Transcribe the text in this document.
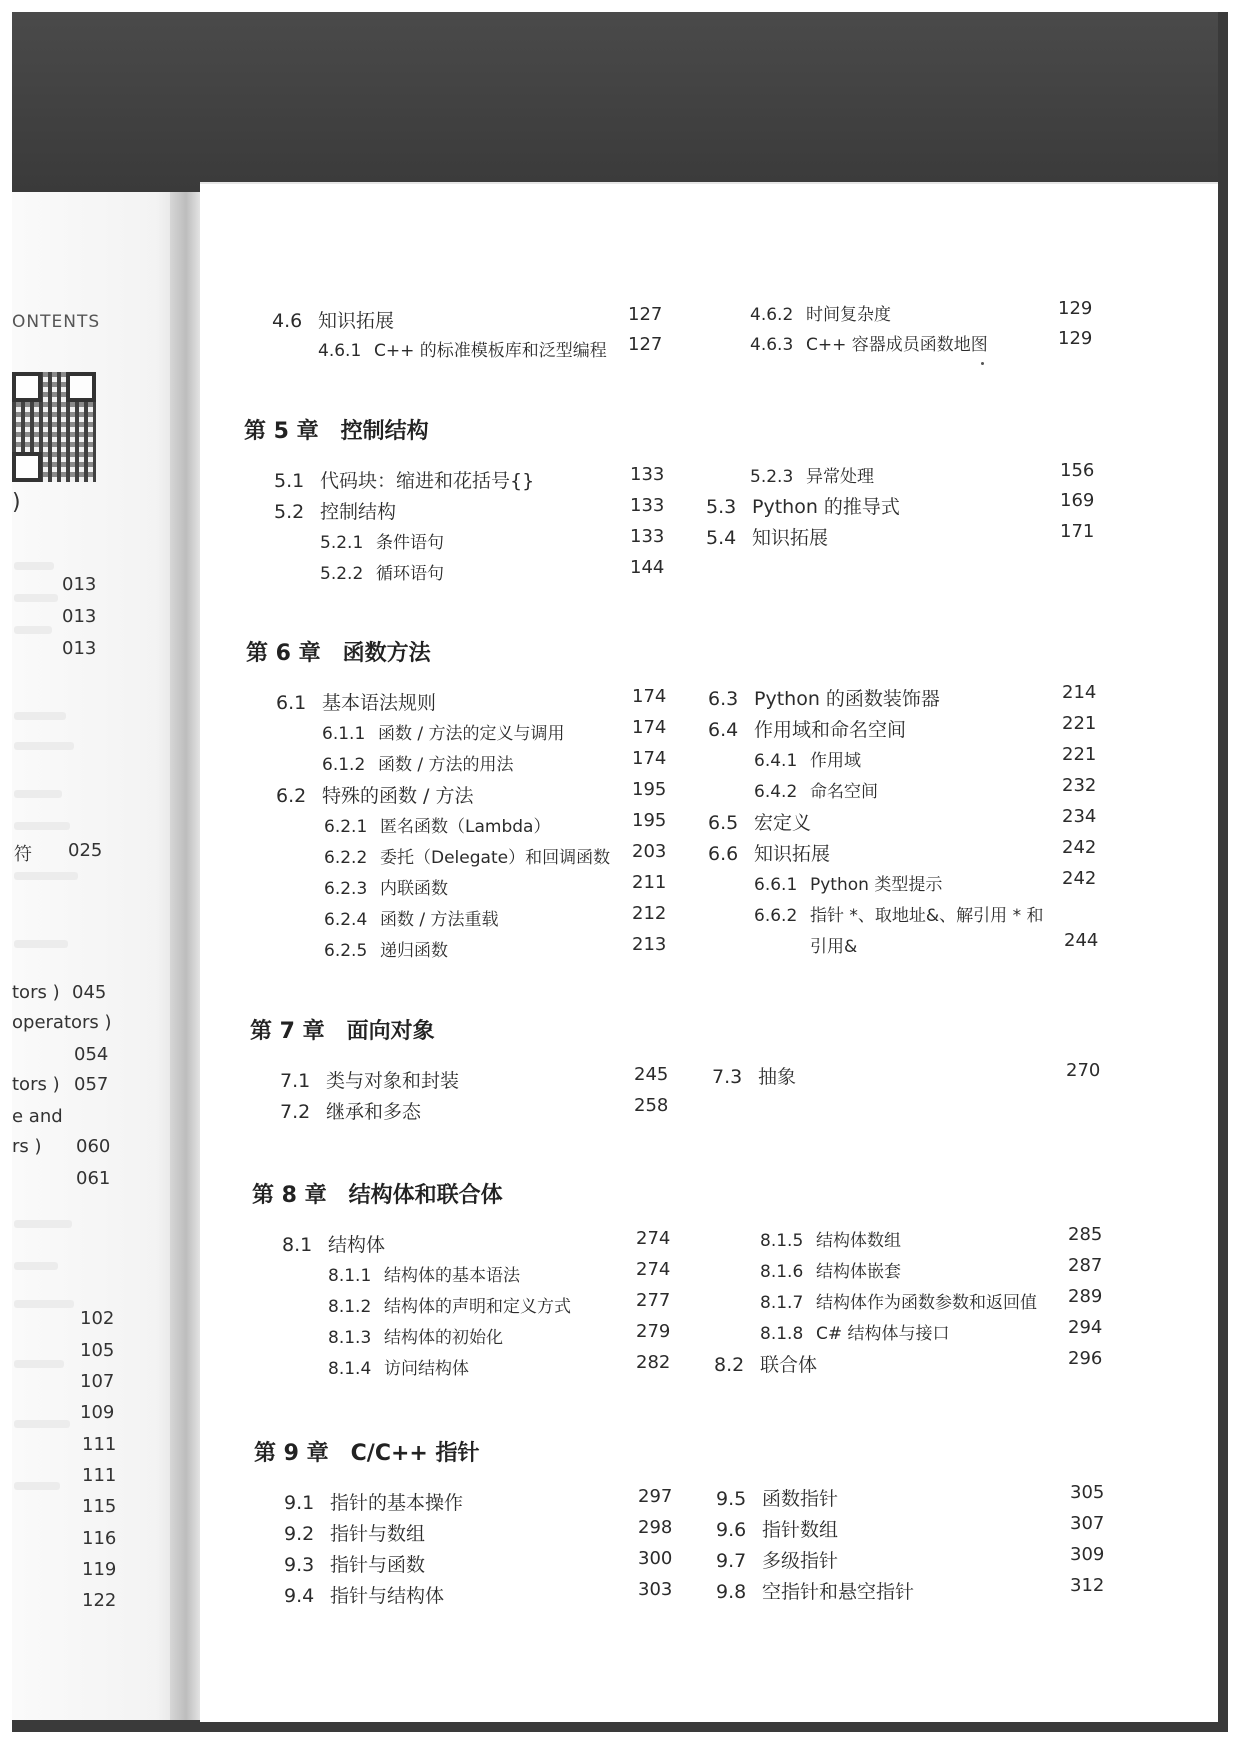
ONTENTS
)
013
013
013
符 025
tors ) 045
operators )
054
tors ) 057
e and
rs ) 060
061
102
105
107
109
111
111
115
116
119
122
4.6 知识拓展	127
4.6.1 C++ 的标准模板库和泛型编程 127
4.6.2 时间复杂度	129
4.6.3 C++ 容器成员函数地图	129
第 5 章 控制结构
5.1 代码块：缩进和花括号{}	133
5.2 控制结构	133
5.2.1 条件语句	133
5.2.2 循环语句	144
5.2.3 异常处理	156
5.3 Python 的推导式	169
5.4 知识拓展	171
第 6 章 函数方法
6.1 基本语法规则	174
6.1.1 函数 / 方法的定义与调用	174
6.1.2 函数 / 方法的用法	174
6.2 特殊的函数 / 方法	195
6.2.1 匿名函数（Lambda）	195
6.2.2 委托（Delegate）和回调函数 203
6.2.3 内联函数	211
6.2.4 函数 / 方法重载	212
6.2.5 递归函数	213
6.3 Python 的函数装饰器	214
6.4 作用域和命名空间	221
6.4.1 作用域	221
6.4.2 命名空间	232
6.5 宏定义	234
6.6 知识拓展	242
6.6.1 Python 类型提示	242
6.6.2 指针 *、取地址&、解引用 * 和
引用&	244
第 7 章 面向对象
7.1 类与对象和封装	245
7.2 继承和多态	258
7.3 抽象	270
第 8 章 结构体和联合体
8.1 结构体	274
8.1.1 结构体的基本语法	274
8.1.2 结构体的声明和定义方式	277
8.1.3 结构体的初始化	279
8.1.4 访问结构体	282
8.1.5 结构体数组	285
8.1.6 结构体嵌套	287
8.1.7 结构体作为函数参数和返回值 289
8.1.8 C# 结构体与接口	294
8.2 联合体	296
第 9 章 C/C++ 指针
9.1 指针的基本操作	297
9.2 指针与数组	298
9.3 指针与函数	300
9.4 指针与结构体	303
9.5 函数指针	305
9.6 指针数组	307
9.7 多级指针	309
9.8 空指针和悬空指针	312
